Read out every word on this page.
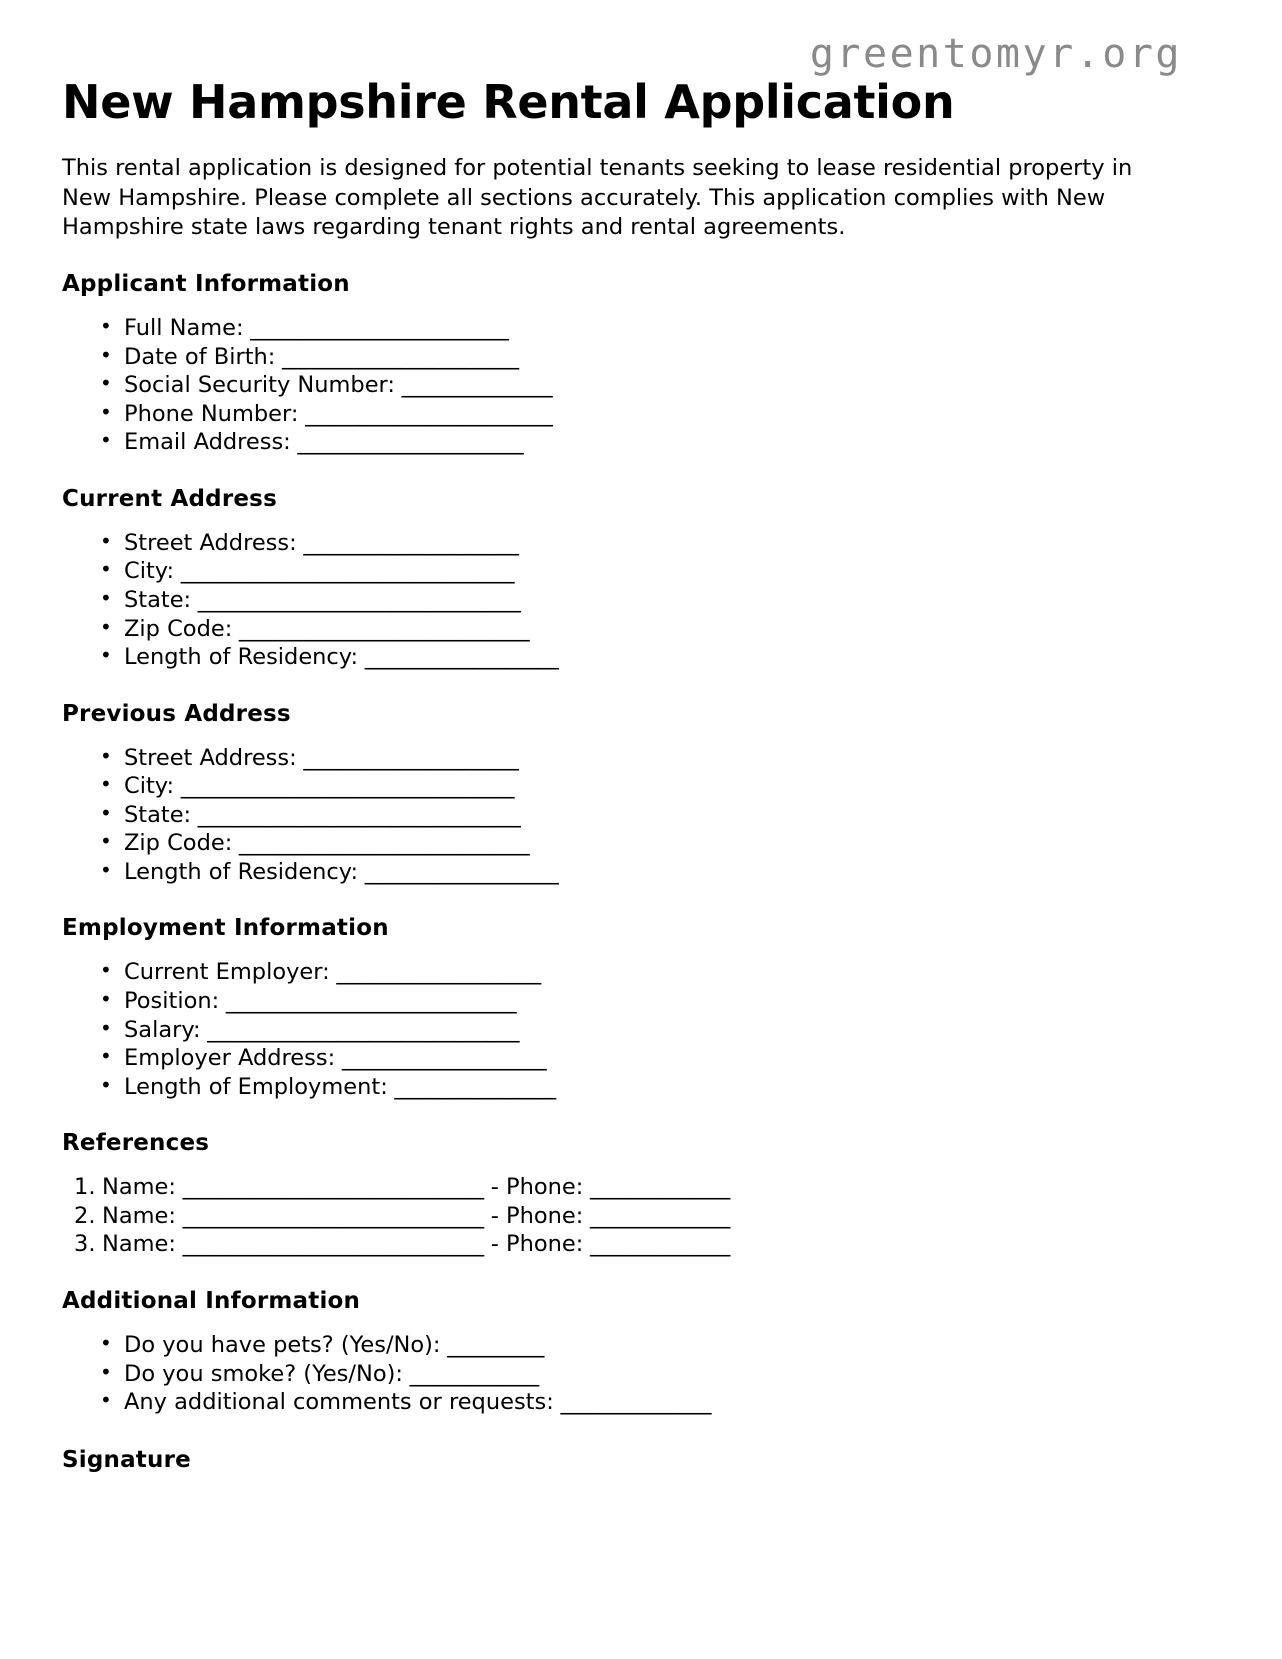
greentomyr.org
New Hampshire Rental Application

This rental application is designed for potential tenants seeking to lease residential property in New Hampshire. Please complete all sections accurately. This application complies with New Hampshire state laws regarding tenant rights and rental agreements.

Applicant Information
• Full Name: ________________________
• Date of Birth: ______________________
• Social Security Number: ______________
• Phone Number: _______________________
• Email Address: _____________________
Current Address
• Street Address: ____________________
• City: _______________________________
• State: ______________________________
• Zip Code: ___________________________
• Length of Residency: __________________
Previous Address
• Street Address: ____________________
• City: _______________________________
• State: ______________________________
• Zip Code: ___________________________
• Length of Residency: __________________
Employment Information
• Current Employer: ___________________
• Position: ___________________________
• Salary: _____________________________
• Employer Address: ___________________
• Length of Employment: _______________
References
Name: ____________________________ - Phone: _____________
Name: ____________________________ - Phone: _____________
Name: ____________________________ - Phone: _____________
Additional Information
• Do you have pets? (Yes/No): _________
• Do you smoke? (Yes/No): ____________
• Any additional comments or requests: ______________
Signature
